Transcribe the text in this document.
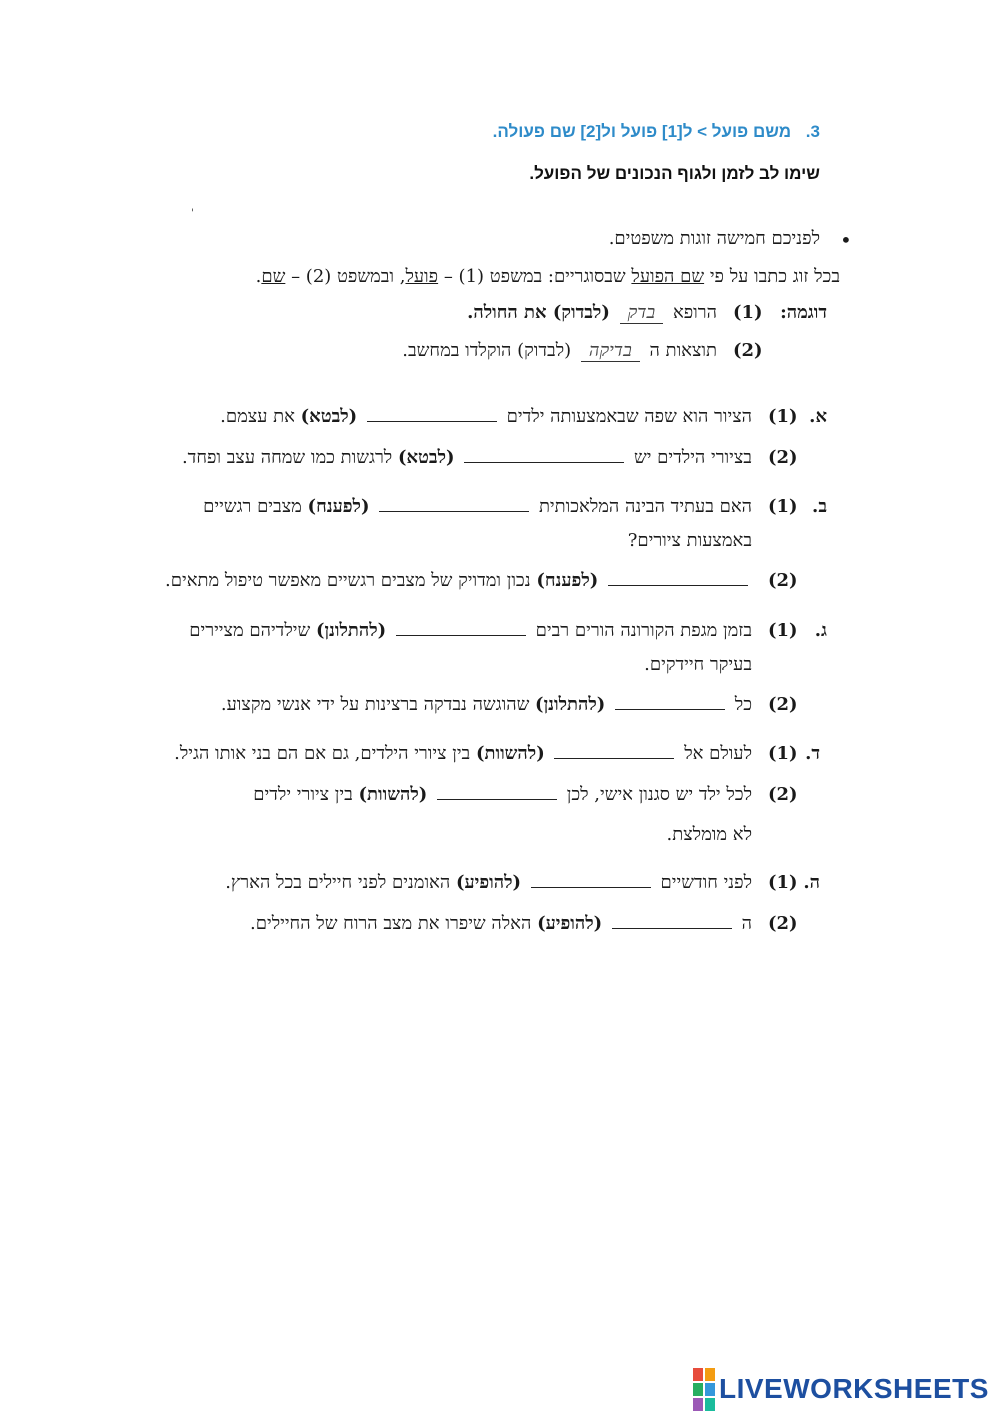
3. משם פועל > ל[1] פועל ול[2] שם פעולה.
שימו לב לזמן ולגוף הנכונים של הפועל.
'
•
לפניכם חמישה זוגות משפטים.
בכל זוג כתבו על פי שם הפועל שבסוגריים: במשפט (1) – פועל, ובמשפט (2) – שם.
דוגמה:
(1)
הרופא בדק (לבדוק) את החולה.
(2)
תוצאות ה בדיקה (לבדוק) הוקלדו במחשב.
א.
(1)
הציור הוא שפה שבאמצעותה ילדים  (לבטא) את עצמם.
(2)
בציורי הילדים יש  (לבטא) לרגשות כמו שמחה עצב ופחד.
ב.
(1)
האם בעתיד הבינה המלאכותית  (לפענח) מצבים רגשיים
באמצעות ציורים?
(2)
(לפענח) נכון ומדויק של מצבים רגשיים מאפשר טיפול מתאים.
ג.
(1)
בזמן מגפת הקורונה הורים רבים  (להתלונן) שילדיהם מציירים
בעיקר חיידקים.
(2)
כל  (להתלונן) שהוגשה נבדקה ברצינות על ידי אנשי מקצוע.
ד.
(1)
לעולם אל  (להשוות) בין ציורי הילדים, גם אם הם בני אותו הגיל.
(2)
לכל ילד יש סגנון אישי, לכן  (להשוות) בין ציורי ילדים
לא מומלצת.
ה.
(1)
לפני חודשיים  (להופיע) האומנים לפני חיילים בכל הארץ.
(2)
ה  (להופיע) האלה שיפרו את מצב הרוח של החיילים.
LIVEWORKSHEETS
